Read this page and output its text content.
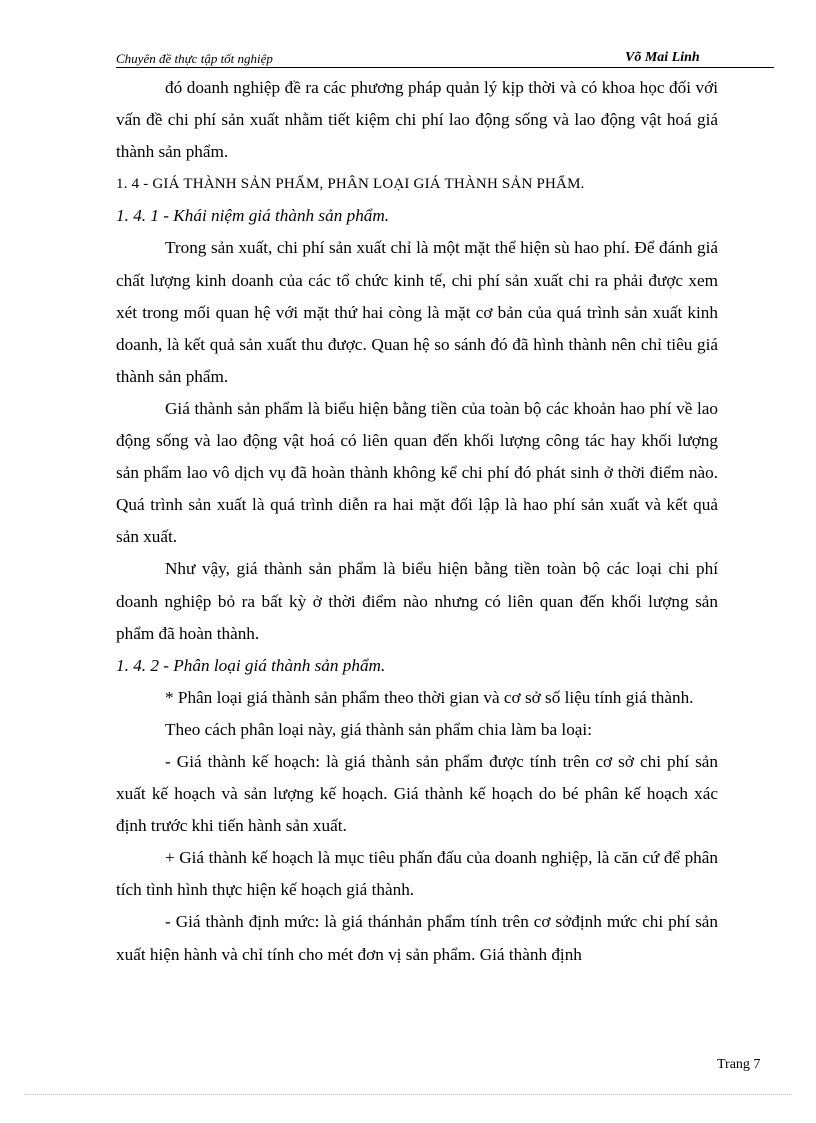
Chuyên đề thực tập tốt nghiệp	Võ Mai Linh

đó doanh nghiệp đề ra các phương pháp quản lý kịp thời và có khoa học đối với vấn đề chi phí sản xuất nhằm tiết kiệm chi phí lao động sống và lao động vật hoá giá thành sản phẩm.

1. 4 - GIÁ THÀNH SẢN PHẨM, PHÂN LOẠI GIÁ THÀNH SẢN PHẨM.

1. 4. 1 - Khái niệm giá thành sản phẩm.

Trong sản xuất, chi phí sản xuất chỉ là một mặt thể hiện sù hao phí. Để đánh giá chất lượng kinh doanh của các tổ chức kinh tế, chi phí sản xuất chi ra phải được xem xét trong mối quan hệ với mặt thứ hai còng là mặt cơ bản của quá trình sản xuất kinh doanh, là kết quả sản xuất thu được. Quan hệ so sánh đó đã hình thành nên chỉ tiêu giá thành sản phẩm.

Giá thành sản phẩm là biểu hiện bằng tiền của toàn bộ các khoản hao phí về lao động sống và lao động vật hoá có liên quan đến khối lượng công tác hay khối lượng sản phẩm lao vô dịch vụ đã hoàn thành không kể chi phí đó phát sinh ở thời điểm nào. Quá trình sản xuất là quá trình diễn ra hai mặt đối lập là hao phí sản xuất và kết quả sản xuất.

Như vậy, giá thành sản phẩm là biểu hiện bằng tiền toàn bộ các loại chi phí doanh nghiệp bỏ ra bất kỳ ở thời điểm nào nhưng có liên quan đến khối lượng sản phẩm đã hoàn thành.

1. 4. 2 - Phân loại giá thành sản phẩm.

* Phân loại giá thành sản phẩm theo thời gian và cơ sở số liệu tính giá thành.

Theo cách phân loại này, giá thành sản phẩm chia làm ba loại:

- Giá thành kế hoạch: là giá thành sản phẩm được tính trên cơ sở chi phí sản xuất kế hoạch và sản lượng kế hoạch. Giá thành kế hoạch do bé phân kế hoạch xác định trước khi tiến hành sản xuất.

+ Giá thành kế hoạch là mục tiêu phấn đấu của doanh nghiệp, là căn cứ để phân tích tình hình thực hiện kế hoạch giá thành.

- Giá thành định mức: là giá thánhản phẩm tính trên cơ sởđịnh mức chi phí sản xuất hiện hành và chỉ tính cho mét đơn vị sản phẩm. Giá thành định

Trang 7
